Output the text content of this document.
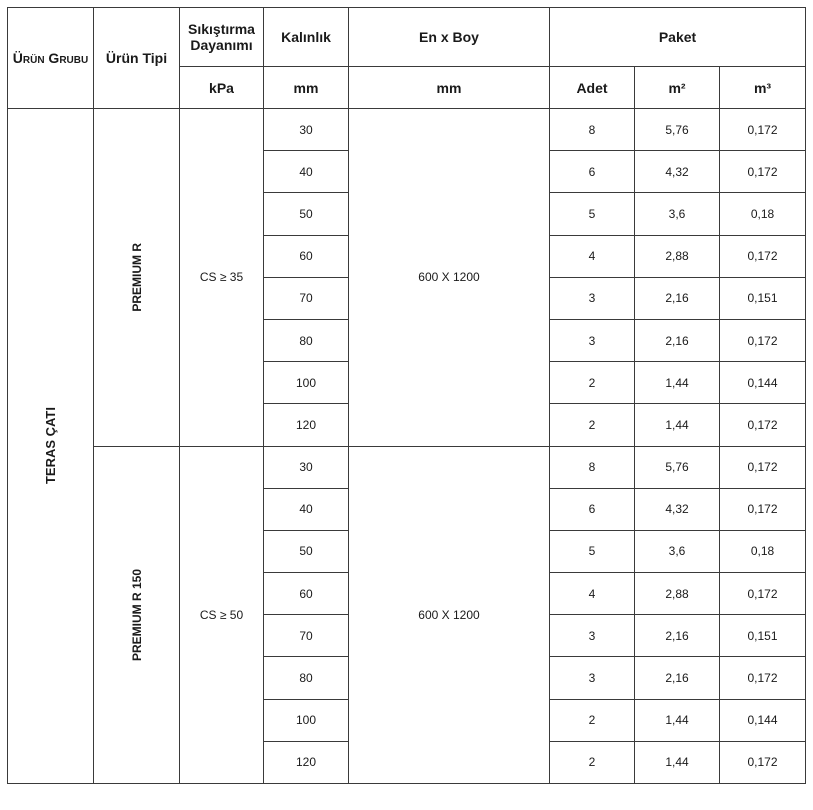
Ürün Grubu	Ürün Tipi	Sıkıştırma Dayanımı	Kalınlık	En x Boy	Paket		
		kPa	mm	mm	Adet	m²	m³

TERAS ÇATI	PREMIUM R	CS ≥ 35	30	600 X 1200	8	5,76	0,172
			40		6	4,32	0,172
			50		5	3,6	0,18
			60		4	2,88	0,172
			70		3	2,16	0,151
			80		3	2,16	0,172
			100		2	1,44	0,144
			120		2	1,44	0,172

	PREMIUM R 150	CS ≥ 50	30	600 X 1200	8	5,76	0,172
			40		6	4,32	0,172
			50		5	3,6	0,18
			60		4	2,88	0,172
			70		3	2,16	0,151
			80		3	2,16	0,172
			100		2	1,44	0,144
			120		2	1,44	0,172
